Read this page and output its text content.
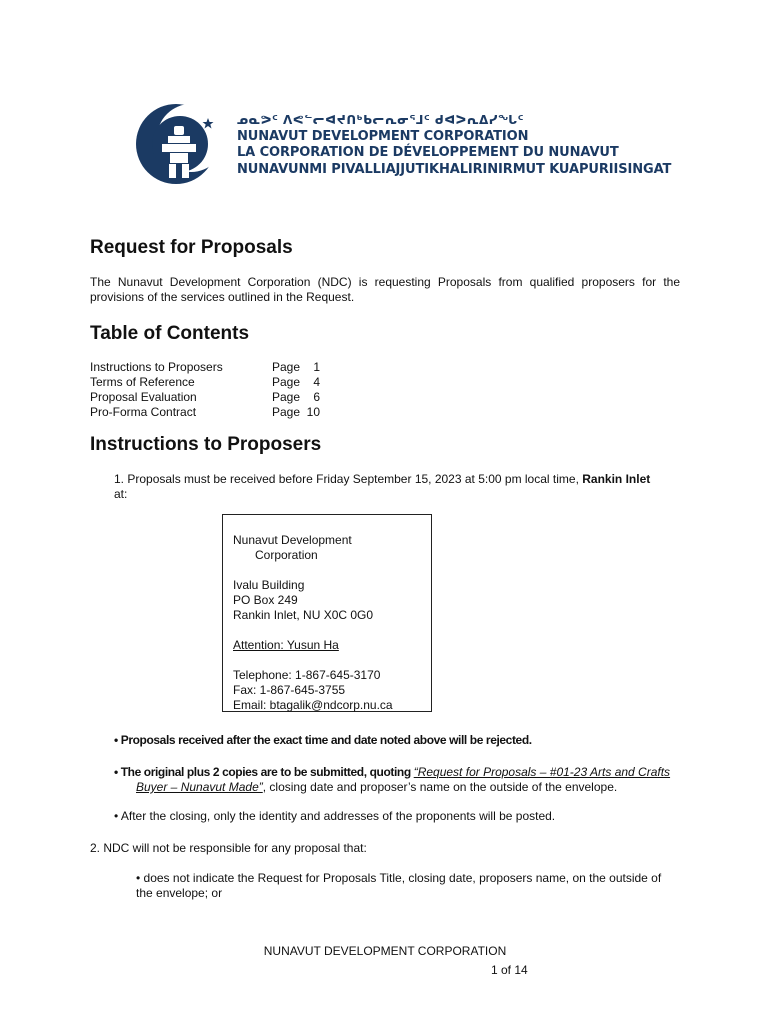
ᓄᓇᕗᑦ ᐱᕙᓪᓕᐊᔪᑎᒃᑲᓕᕆᓂᕐᒧᑦ ᑯᐊᐳᕆᐃᓯᖓᑦ
NUNAVUT DEVELOPMENT CORPORATION
LA CORPORATION DE DÉVELOPPEMENT DU NUNAVUT
NUNAVUNMI PIVALLIAJJUTIKHALIRINIRMUT KUAPURIISINGAT
Request for Proposals
The Nunavut Development Corporation (NDC) is requesting Proposals from qualified proposers for the provisions of the services outlined in the Request.
Table of Contents
Instructions to Proposers	Page 1
Terms of Reference	Page 4
Proposal Evaluation	Page 6
Pro-Forma Contract	Page 10
Instructions to Proposers
1. Proposals must be received before Friday September 15, 2023 at 5:00 pm local time, Rankin Inlet
at:
Nunavut Development
Corporation
Ivalu Building
PO Box 249
Rankin Inlet, NU X0C 0G0
Attention: Yusun Ha
Telephone: 1-867-645-3170
Fax: 1-867-645-3755
Email: btagalik@ndcorp.nu.ca
• Proposals received after the exact time and date noted above will be rejected.
• The original plus 2 copies are to be submitted, quoting “Request for Proposals – #01-23 Arts and Crafts
Buyer – Nunavut Made”, closing date and proposer’s name on the outside of the envelope.
• After the closing, only the identity and addresses of the proponents will be posted.
2. NDC will not be responsible for any proposal that:
• does not indicate the Request for Proposals Title, closing date, proposers name, on the outside of the envelope; or
NUNAVUT DEVELOPMENT CORPORATION
1 of 14
